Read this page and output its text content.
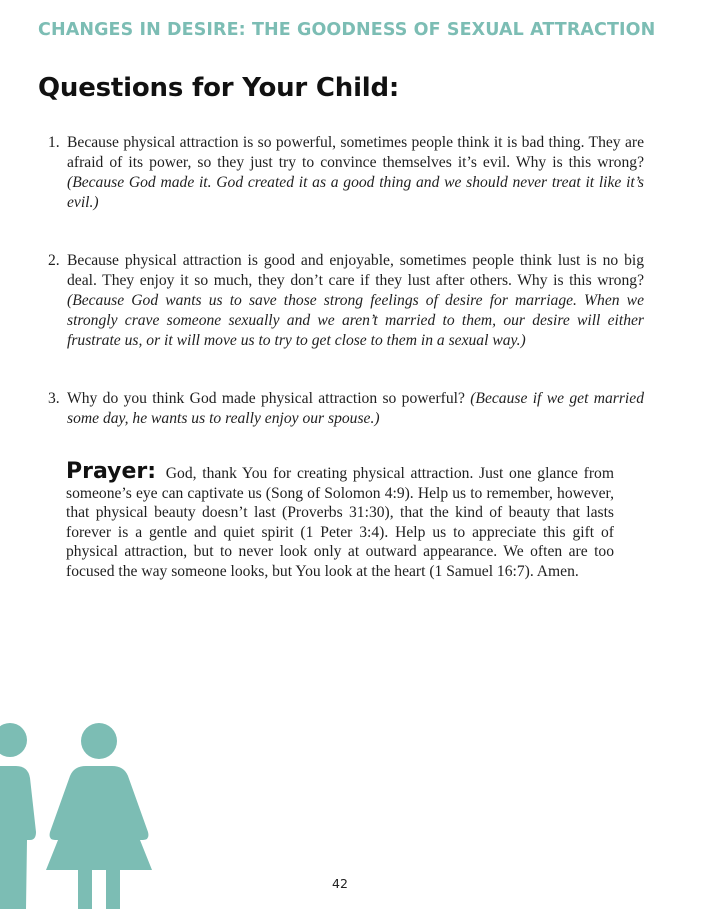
CHANGES IN DESIRE: THE GOODNESS OF SEXUAL ATTRACTION
Questions for Your Child:
1. Because physical attraction is so powerful, sometimes people think it is bad thing. They are afraid of its power, so they just try to convince themselves it’s evil. Why is this wrong? (Because God made it. God created it as a good thing and we should never treat it like it’s evil.)
2. Because physical attraction is good and enjoyable, sometimes people think lust is no big deal. They enjoy it so much, they don’t care if they lust after others. Why is this wrong? (Because God wants us to save those strong feelings of desire for marriage. When we strongly crave someone sexually and we aren’t married to them, our desire will either frustrate us, or it will move us to try to get close to them in a sexual way.)
3. Why do you think God made physical attraction so powerful? (Because if we get married some day, he wants us to really enjoy our spouse.)
Prayer: God, thank You for creating physical attraction. Just one glance from someone’s eye can captivate us (Song of Solomon 4:9). Help us to remember, however, that physical beauty doesn’t last (Proverbs 31:30), that the kind of beauty that lasts forever is a gentle and quiet spirit (1 Peter 3:4). Help us to appreciate this gift of physical attraction, but to never look only at outward appearance. We often are too focused the way someone looks, but You look at the heart (1 Samuel 16:7). Amen.
42
